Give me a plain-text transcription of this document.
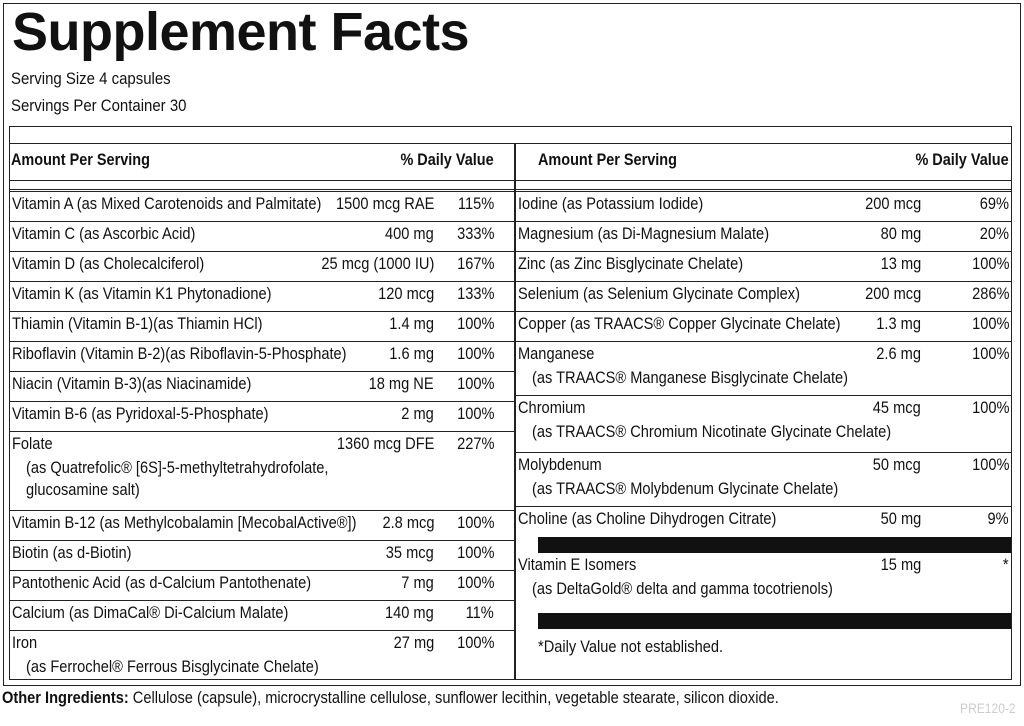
Supplement Facts
Serving Size 4 capsules
Servings Per Container 30
Amount Per Serving	% Daily Value	Amount Per Serving	% Daily Value
Vitamin A (as Mixed Carotenoids and Palmitate) 1500 mcg RAE 115%
Vitamin C (as Ascorbic Acid)	400 mg 333%
Vitamin D (as Cholecalciferol)	25 mcg (1000 IU) 167%
Vitamin K (as Vitamin K1 Phytonadione)	120 mcg 133%
Thiamin (Vitamin B-1)(as Thiamin HCl)	1.4 mg 100%
Riboflavin (Vitamin B-2)(as Riboflavin-5-Phosphate)	1.6 mg 100%
Niacin (Vitamin B-3)(as Niacinamide)	18 mg NE 100%
Vitamin B-6 (as Pyridoxal-5-Phosphate)	2 mg 100%
Folate
(as Quatrefolic® [6S]-5-methyltetrahydrofolate,
glucosamine salt)
1360 mcg DFE 227%
Vitamin B-12 (as Methylcobalamin [MecobalActive®]) 2.8 mcg 100%
Biotin (as d-Biotin)	35 mcg 100%
Pantothenic Acid (as d-Calcium Pantothenate)	7 mg 100%
Calcium (as DimaCal® Di-Calcium Malate)	140 mg 11%
Iron
(as Ferrochel® Ferrous Bisglycinate Chelate)
27 mg 100%
Iodine (as Potassium Iodide)	200 mcg	69%
Magnesium (as Di-Magnesium Malate)	80 mg	20%
Zinc (as Zinc Bisglycinate Chelate)	13 mg	100%
Selenium (as Selenium Glycinate Complex)	200 mcg	286%
Copper (as TRAACS® Copper Glycinate Chelate) 1.3 mg	100%
Manganese
(as TRAACS® Manganese Bisglycinate Chelate)
2.6 mg	100%
Chromium
(as TRAACS® Chromium Nicotinate Glycinate Chelate)
45 mcg	100%
Molybdenum
(as TRAACS® Molybdenum Glycinate Chelate)
50 mcg	100%
Choline (as Choline Dihydrogen Citrate)	50 mg	9%
Vitamin E Isomers
(as DeltaGold® delta and gamma tocotrienols)
15 mg	*
*Daily Value not established.
Other Ingredients: Cellulose (capsule), microcrystalline cellulose, sunflower lecithin, vegetable stearate, silicon dioxide.
PRE120-2
